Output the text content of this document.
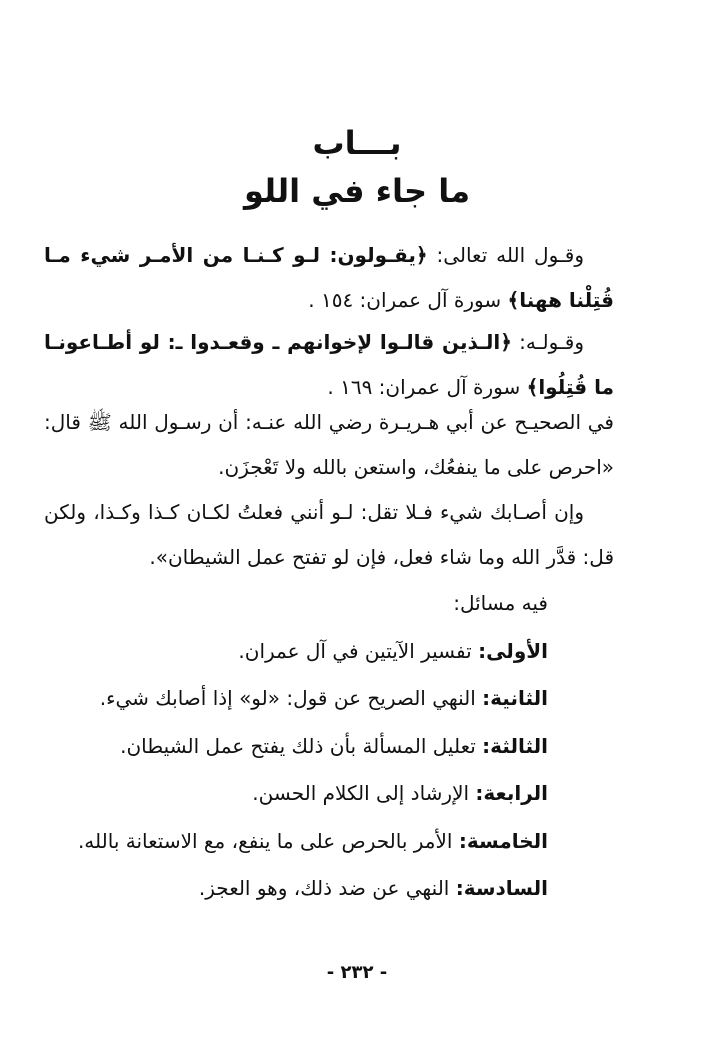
بـــاب
ما جاء في اللو

وقـول الله تعالى: ﴿يقـولون: لـو كـنـا من الأمـر شيء مـا قُتِلْنا ههنا﴾ سورة آل عمران: ١٥٤ .

وقـولـه: ﴿الـذين قالـوا لإخوانهم ـ وقعـدوا ـ: لو أطـاعونـا ما قُتِلُوا﴾ سورة آل عمران: ١٦٩ .

في الصحيـح عن أبي هـريـرة رضي الله عنـه: أن رسـول الله ﷺ قال: «احرص على ما ينفعُك، واستعن بالله ولا تَعْجزَن.

وإن أصـابك شيء فـلا تقل: لـو أنني فعلتُ لكـان كـذا وكـذا، ولكن قل: قدَّر الله وما شاء فعل، فإن لو تفتح عمل الشيطان».

فيه مسائل:
الأولى: تفسير الآيتين في آل عمران.
الثانية: النهي الصريح عن قول: «لو» إذا أصابك شيء.
الثالثة: تعليل المسألة بأن ذلك يفتح عمل الشيطان.
الرابعة: الإرشاد إلى الكلام الحسن.
الخامسة: الأمر بالحرص على ما ينفع، مع الاستعانة بالله.
السادسة: النهي عن ضد ذلك، وهو العجز.
- ٢٣٢ -
